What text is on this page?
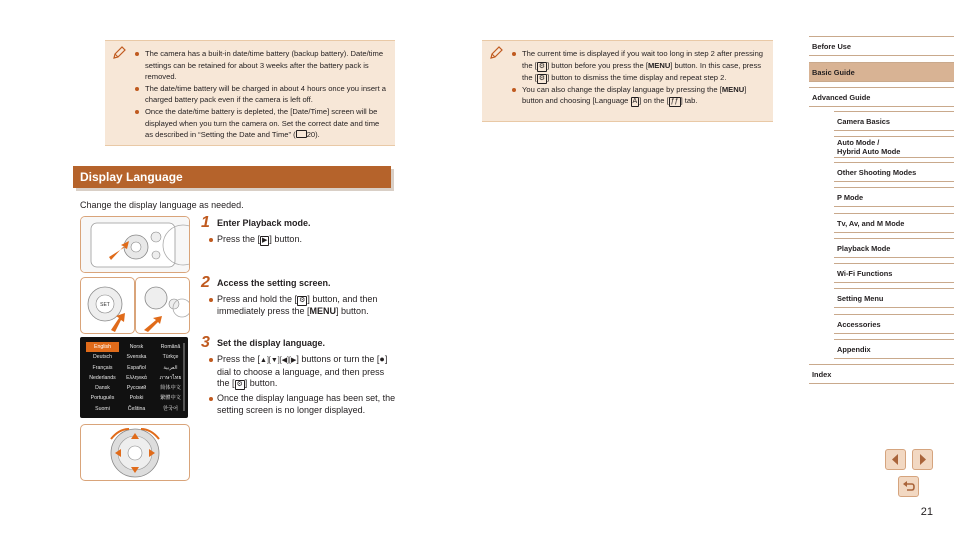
The camera has a built-in date/time battery (backup battery). Date/time settings can be retained for about 3 weeks after the battery pack is removed.
The date/time battery will be charged in about 4 hours once you insert a charged battery pack even if the camera is left off.
Once the date/time battery is depleted, the [Date/Time] screen will be displayed when you turn the camera on. Set the correct date and time as described in “Setting the Date and Time” ( 20).
The current time is displayed if you wait too long in step 2 after pressing the [ ⚙ ] button before you press the [MENU] button. In this case, press the [ ⚙ ] button to dismiss the time display and repeat step 2.
You can also change the display language by pressing the [MENU] button and choosing [Language A ] on the [ ƒƒ ] tab.
Display Language
Change the display language as needed.
SET
English	Norsk	Română
Deutsch	Svenska	Türkçe
Français	Español	العربية
Nederlands	Ελληνικά	ภาษาไทย
Dansk	Русский	简体中文
Português	Polski	繁體中文
Suomi	Čeština	한국어
1 Enter Playback mode.
Press the [ ▶ ] button.
2 Access the setting screen.
Press and hold the [ ⚙ ] button, and then immediately press the [MENU] button.
3 Set the display language.
Press the [▲][▼][◀][▶] buttons or turn the [●] dial to choose a language, and then press the [ ⚙ ] button.
Once the display language has been set, the setting screen is no longer displayed.
Before Use
Basic Guide
Advanced Guide
Camera Basics
Auto Mode /
Hybrid Auto Mode
Other Shooting Modes
P Mode
Tv, Av, and M Mode
Playback Mode
Wi-Fi Functions
Setting Menu
Accessories
Appendix
Index
21
